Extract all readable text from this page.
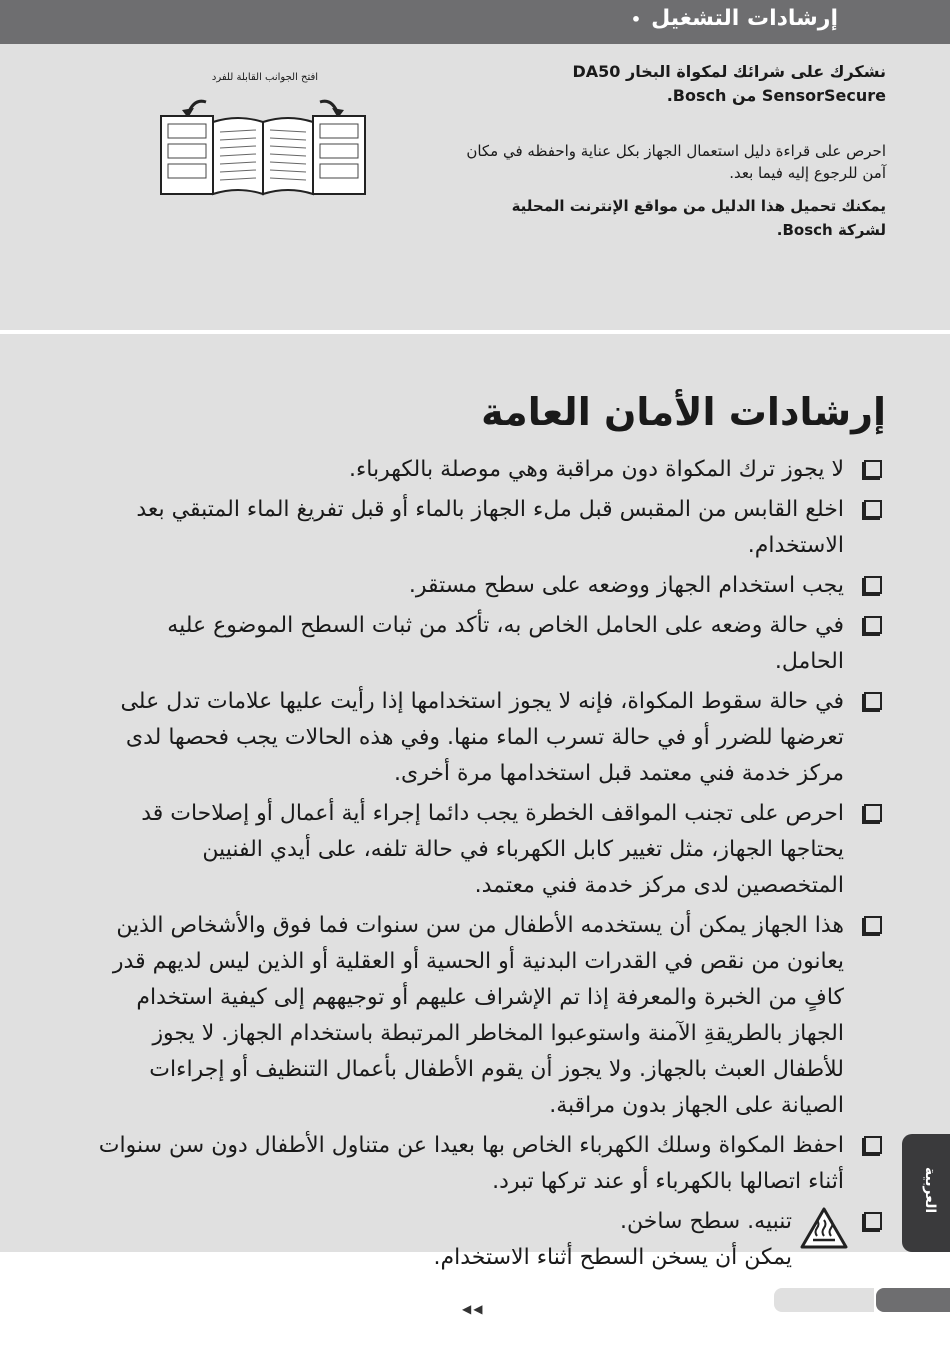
إرشادات التشغيل •
نشكرك على شرائك لمكواة البخار DA50 SensorSecure من Bosch.
احرص على قراءة دليل استعمال الجهاز بكل عناية واحفظه في مكان آمن للرجوع إليه فيما بعد.
يمكنك تحميل هذا الدليل من مواقع الإنترنت المحلية لشركة Bosch.
افتح الجوانب القابلة للفرد
إرشادات الأمان العامة
لا يجوز ترك المكواة دون مراقبة وهي موصلة بالكهرباء.
اخلع القابس من المقبس قبل ملء الجهاز بالماء أو قبل تفريغ الماء المتبقي بعد الاستخدام.
يجب استخدام الجهاز ووضعه على سطح مستقر.
في حالة وضعه على الحامل الخاص به، تأكد من ثبات السطح الموضوع عليه الحامل.
في حالة سقوط المكواة، فإنه لا يجوز استخدامها إذا رأيت عليها علامات تدل على تعرضها للضرر أو في حالة تسرب الماء منها. وفي هذه الحالات يجب فحصها لدى مركز خدمة فني معتمد قبل استخدامها مرة أخرى.
احرص على تجنب المواقف الخطرة يجب دائما إجراء أية أعمال أو إصلاحات قد يحتاجها الجهاز، مثل تغيير كابل الكهرباء في حالة تلفه، على أيدي الفنيين المتخصصين لدى مركز خدمة فني معتمد.
هذا الجهاز يمكن أن يستخدمه الأطفال من سن سنوات فما فوق والأشخاص الذين يعانون من نقص في القدرات البدنية أو الحسية أو العقلية أو الذين ليس لديهم قدر كافٍ من الخبرة والمعرفة إذا تم الإشراف عليهم أو توجيههم إلى كيفية استخدام الجهاز بالطريقةِ الآمنة واستوعبوا المخاطر المرتبطة باستخدام الجهاز. لا يجوز للأطفال العبث بالجهاز. ولا يجوز أن يقوم الأطفال بأعمال التنظيف أو إجراءات الصيانة على الجهاز بدون مراقبة.
احفظ المكواة وسلك الكهرباء الخاص بها بعيدا عن متناول الأطفال دون سن سنوات أثناء اتصالها بالكهرباء أو عند تركها تبرد.
تنبيه. سطح ساخن.
يمكن أن يسخن السطح أثناء الاستخدام.
العربية
◀◀
